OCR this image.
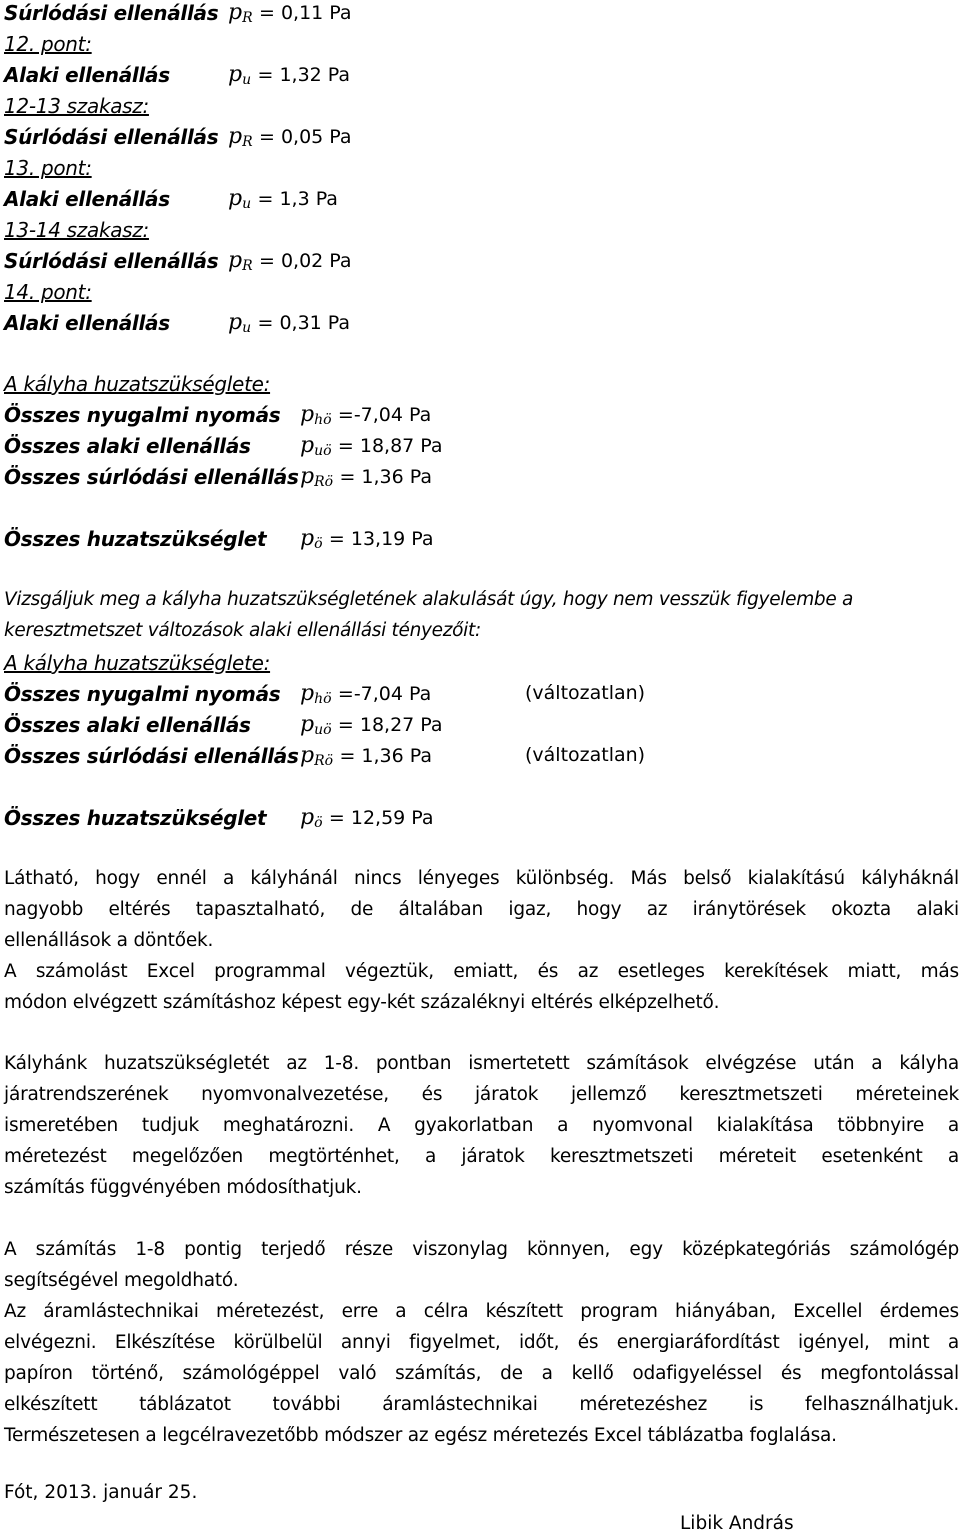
Súrlódási ellenállás pR = 0,11 Pa
12. pont:
Alaki ellenállás	pu = 1,32 Pa
12-13 szakasz:
Súrlódási ellenállás pR = 0,05 Pa
13. pont:
Alaki ellenállás	pu = 1,3 Pa
13-14 szakasz:
Súrlódási ellenállás pR = 0,02 Pa
14. pont:
Alaki ellenállás	pu = 0,31 Pa
A kályha huzatszükséglete:
Összes nyugalmi nyomás phö =-7,04 Pa
Összes alaki ellenállás puö = 18,87 Pa
Összes súrlódási ellenállás pRö = 1,36 Pa
Összes huzatszükséglet pö = 13,19 Pa
Vizsgáljuk meg a kályha huzatszükségletének alakulását úgy, hogy nem vesszük figyelembe a
keresztmetszet változások alaki ellenállási tényezőit:
A kályha huzatszükséglete:
Összes nyugalmi nyomás phö =-7,04 Pa	(változatlan)
Összes alaki ellenállás puö = 18,27 Pa
Összes súrlódási ellenállás pRö = 1,36 Pa	(változatlan)
Összes huzatszükséglet pö = 12,59 Pa
Látható, hogy ennél a kályhánál nincs lényeges különbség. Más belső kialakítású kályháknál
nagyobb eltérés tapasztalható, de általában igaz, hogy az iránytörések okozta alaki
ellenállások a döntőek.
A számolást Excel programmal végeztük, emiatt, és az esetleges kerekítések miatt, más
módon elvégzett számításhoz képest egy-két százaléknyi eltérés elképzelhető.
Kályhánk huzatszükségletét az 1-8. pontban ismertetett számítások elvégzése után a kályha
járatrendszerének nyomvonalvezetése, és járatok jellemző keresztmetszeti méreteinek
ismeretében tudjuk meghatározni. A gyakorlatban a nyomvonal kialakítása többnyire a
méretezést megelőzően megtörténhet, a járatok keresztmetszeti méreteit esetenként a
számítás függvényében módosíthatjuk.
A számítás 1-8 pontig terjedő része viszonylag könnyen, egy középkategóriás számológép
segítségével megoldható.
Az áramlástechnikai méretezést, erre a célra készített program hiányában, Excellel érdemes
elvégezni. Elkészítése körülbelül annyi figyelmet, időt, és energiaráfordítást igényel, mint a
papíron történő, számológéppel való számítás, de a kellő odafigyeléssel és megfontolással
elkészített táblázatot további áramlástechnikai méretezéshez is felhasználhatjuk.
Természetesen a legcélravezetőbb módszer az egész méretezés Excel táblázatba foglalása.
Fót, 2013. január 25.
Libik András
